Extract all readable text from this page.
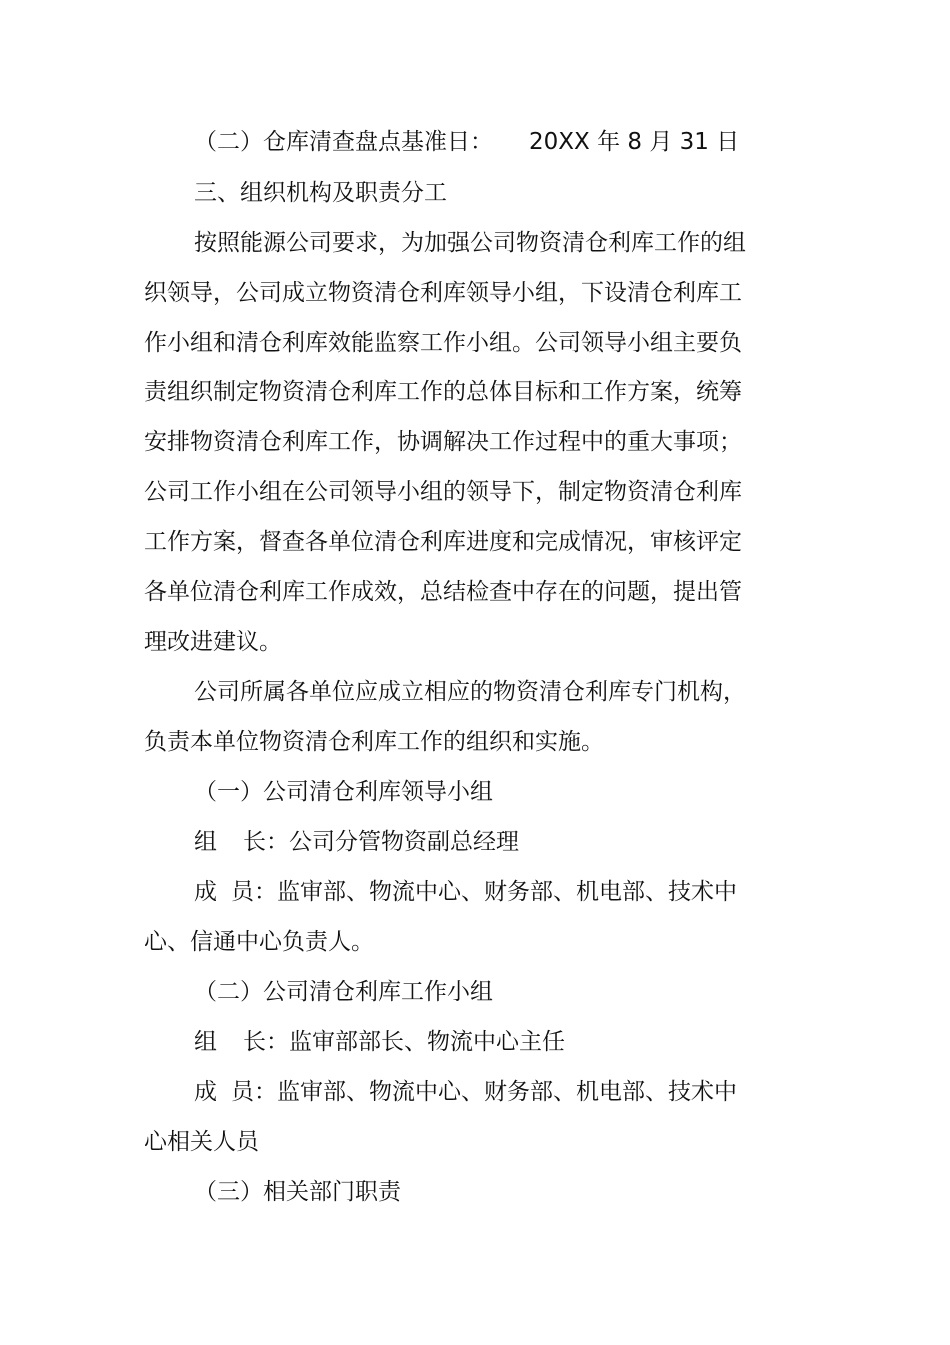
（二）仓库清查盘点基准日： 20XX 年 8 月 31 日
三、组织机构及职责分工
按照能源公司要求，为加强公司物资清仓利库工作的组
织领导，公司成立物资清仓利库领导小组，下设清仓利库工
作小组和清仓利库效能监察工作小组。公司领导小组主要负
责组织制定物资清仓利库工作的总体目标和工作方案，统筹
安排物资清仓利库工作，协调解决工作过程中的重大事项；
公司工作小组在公司领导小组的领导下，制定物资清仓利库
工作方案，督查各单位清仓利库进度和完成情况，审核评定
各单位清仓利库工作成效，总结检查中存在的问题，提出管
理改进建议。
公司所属各单位应成立相应的物资清仓利库专门机构，
负责本单位物资清仓利库工作的组织和实施。
（一）公司清仓利库领导小组
组 长：公司分管物资副总经理
成 员：监审部、物流中心、财务部、机电部、技术中
心、信通中心负责人。
（二）公司清仓利库工作小组
组 长：监审部部长、物流中心主任
成 员：监审部、物流中心、财务部、机电部、技术中
心相关人员
（三）相关部门职责
